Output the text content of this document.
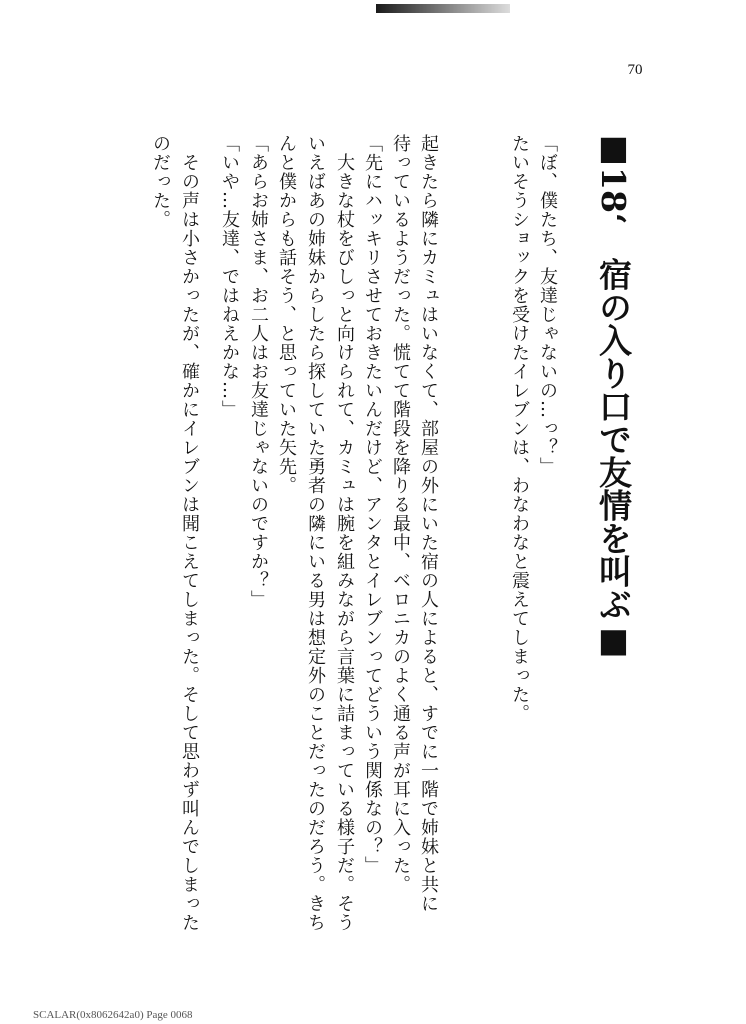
70
■18‘　宿の入り口で友情を叫ぶ■
「ぼ、僕たち、友達じゃないの…っ？」
たいそうショックを受けたイレブンは、わなわなと震えてしまった。
起きたら隣にカミュはいなくて、部屋の外にいた宿の人によると、すでに一階で姉妹と共に
待っているようだった。慌てて階段を降りる最中、ベロニカのよく通る声が耳に入った。
「先にハッキリさせておきたいんだけど、アンタとイレブンってどういう関係なの？」
　大きな杖をびしっと向けられて、カミュは腕を組みながら言葉に詰まっている様子だ。そう
いえばあの姉妹からしたら探していた勇者の隣にいる男は想定外のことだったのだろう。きち
んと僕からも話そう、と思っていた矢先。
「あらお姉さま、お二人はお友達じゃないのですか？」
「いや…友達、ではねえかな…」
　その声は小さかったが、確かにイレブンは聞こえてしまった。そして思わず叫んでしまった
のだった。
SCALAR(0x8062642a0) Page 0068
